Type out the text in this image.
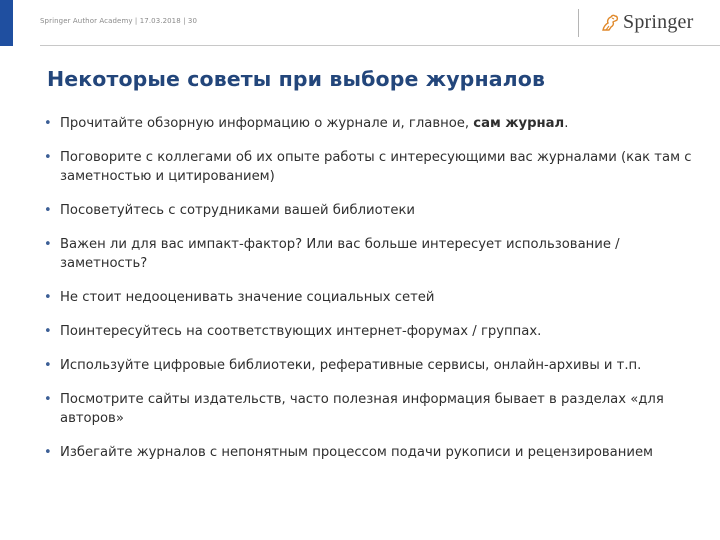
Springer Author Academy | 17.03.2018 | 30	Springer
Некоторые советы при выборе журналов
• Прочитайте обзорную информацию о журнале и, главное, сам журнал.
• Поговорите с коллегами об их опыте работы с интересующими вас журналами (как там с заметностью и цитированием)
• Посоветуйтесь с сотрудниками вашей библиотеки
• Важен ли для вас импакт-фактор? Или вас больше интересует использование / заметность?
• Не стоит недооценивать значение социальных сетей
• Поинтересуйтесь на соответствующих интернет-форумах / группах.
• Используйте цифровые библиотеки, реферативные сервисы, онлайн-архивы и т.п.
• Посмотрите сайты издательств, часто полезная информация бывает в разделах «для авторов»
• Избегайте журналов с непонятным процессом подачи рукописи и рецензированием
